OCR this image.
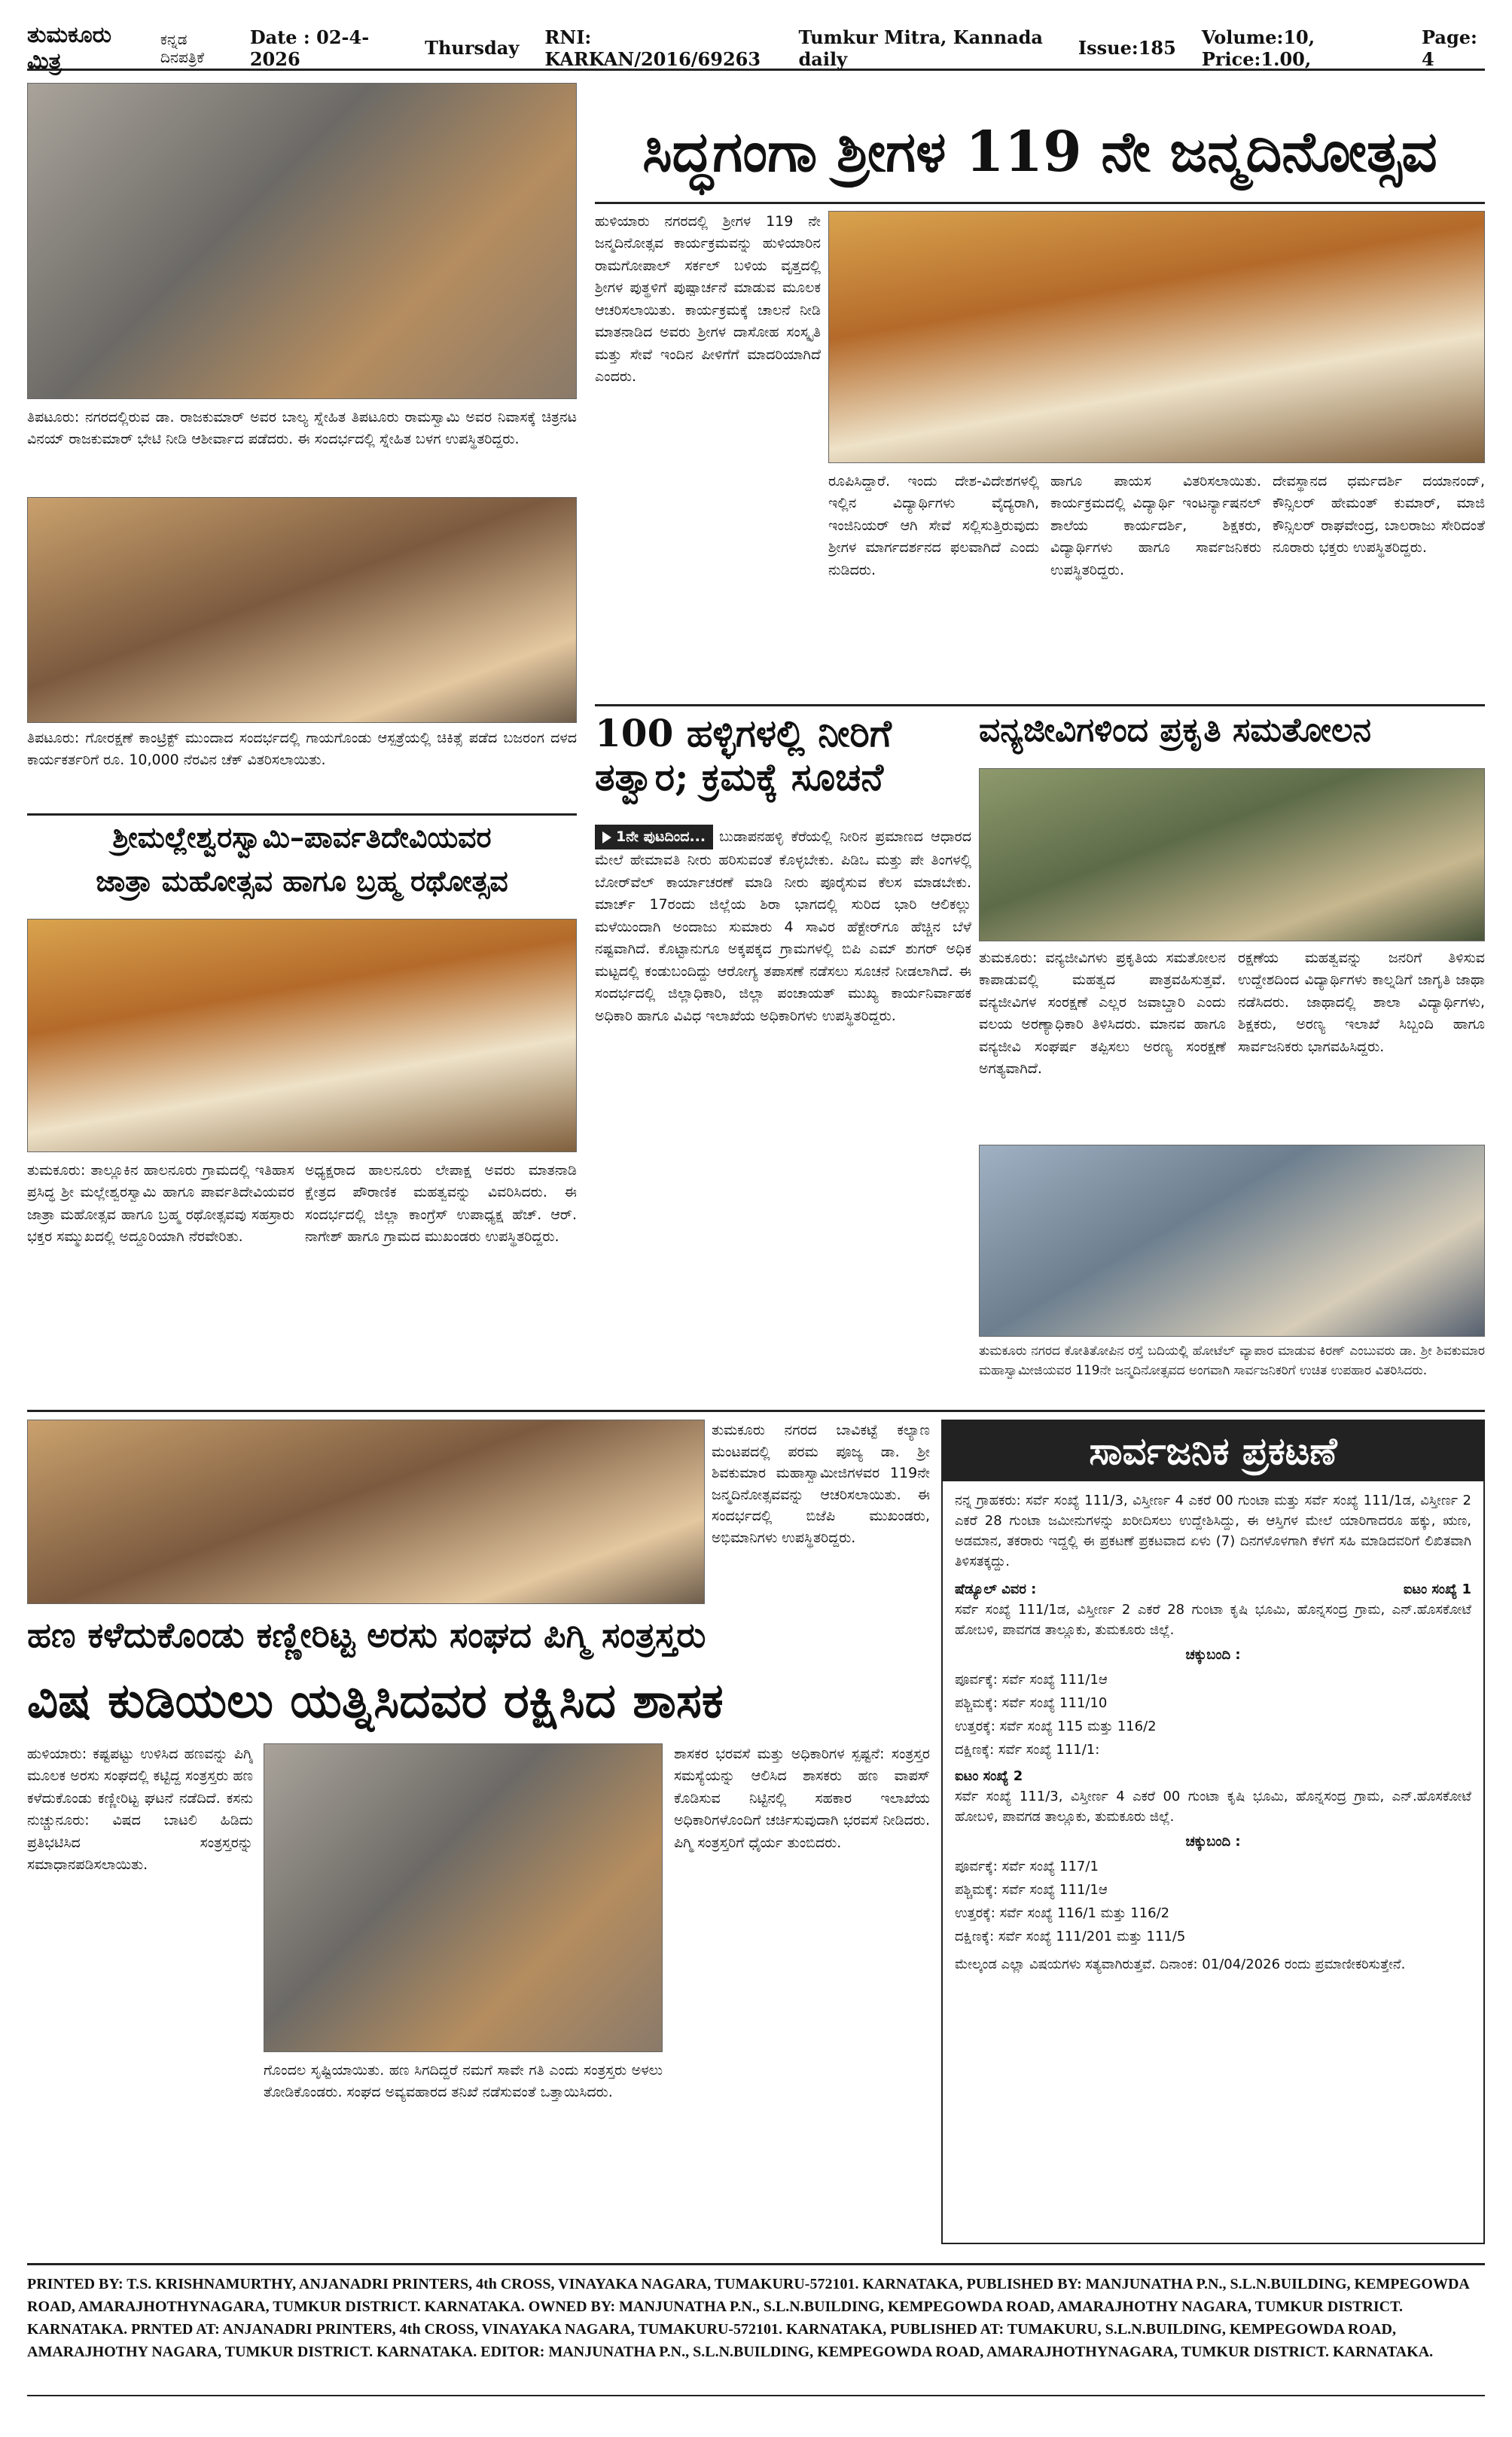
ತುಮಕೂರು ಮಿತ್ರ
ಕನ್ನಡ ದಿನಪತ್ರಿಕೆ
Date : 02-4- 2026	Thursday RNI: KARKAN/2016/69263
Tumkur Mitra, Kannada daily	Issue:185 Volume:10, Price:1.00,
Page: 4
ತಿಪಟೂರು: ನಗರದಲ್ಲಿರುವ ಡಾ. ರಾಜಕುಮಾರ್ ಅವರ ಬಾಲ್ಯ ಸ್ನೇಹಿತ ತಿಪಟೂರು ರಾಮಸ್ವಾಮಿ ಅವರ ನಿವಾಸಕ್ಕೆ ಚಿತ್ರನಟ ವಿನಯ್ ರಾಜಕುಮಾರ್ ಭೇಟಿ ನೀಡಿ ಆಶೀರ್ವಾದ ಪಡೆದರು. ಈ ಸಂದರ್ಭದಲ್ಲಿ ಸ್ನೇಹಿತ ಬಳಗ ಉಪಸ್ಥಿತರಿದ್ದರು.
ತಿಪಟೂರು: ಗೋರಕ್ಷಣೆ ಕಾಂಟ್ರಿಕ್ಟ್ ಮುಂದಾದ ಸಂದರ್ಭದಲ್ಲಿ ಗಾಯಗೊಂಡು ಆಸ್ಪತ್ರೆಯಲ್ಲಿ ಚಿಕಿತ್ಸೆ ಪಡೆದ ಬಜರಂಗ ದಳದ ಕಾರ್ಯಕರ್ತರಿಗೆ ರೂ. 10,000 ನೆರವಿನ ಚೆಕ್ ವಿತರಿಸಲಾಯಿತು.
ಸಿದ್ಧಗಂಗಾ ಶ್ರೀಗಳ 119 ನೇ ಜನ್ಮದಿನೋತ್ಸವ
ಹುಳಿಯಾರು ನಗರದಲ್ಲಿ ಶ್ರೀಗಳ 119 ನೇ ಜನ್ಮದಿನೋತ್ಸವ ಕಾರ್ಯಕ್ರಮವನ್ನು ಹುಳಿಯಾರಿನ ರಾಮಗೋಪಾಲ್ ಸರ್ಕಲ್ ಬಳಿಯ ವೃತ್ತದಲ್ಲಿ ಶ್ರೀಗಳ ಪುತ್ಥಳಿಗೆ ಪುಷ್ಪಾರ್ಚನೆ ಮಾಡುವ ಮೂಲಕ ಆಚರಿಸಲಾಯಿತು. ಕಾರ್ಯಕ್ರಮಕ್ಕೆ ಚಾಲನೆ ನೀಡಿ ಮಾತನಾಡಿದ ಅವರು ಶ್ರೀಗಳ ದಾಸೋಹ ಸಂಸ್ಕೃತಿ ಮತ್ತು ಸೇವೆ ಇಂದಿನ ಪೀಳಿಗೆಗೆ ಮಾದರಿಯಾಗಿದೆ ಎಂದರು.
ರೂಪಿಸಿದ್ದಾರೆ. ಇಂದು ದೇಶ-ವಿದೇಶಗಳಲ್ಲಿ ಇಲ್ಲಿನ ವಿದ್ಯಾರ್ಥಿಗಳು ವೈದ್ಯರಾಗಿ, ಇಂಜಿನಿಯರ್ ಆಗಿ ಸೇವೆ ಸಲ್ಲಿಸುತ್ತಿರುವುದು ಶ್ರೀಗಳ ಮಾರ್ಗದರ್ಶನದ ಫಲವಾಗಿದೆ ಎಂದು ನುಡಿದರು.
ಹಾಗೂ ಪಾಯಸ ವಿತರಿಸಲಾಯಿತು. ಕಾರ್ಯಕ್ರಮದಲ್ಲಿ ವಿದ್ಯಾರ್ಥಿ ಇಂಟರ್ನ್ಯಾಷನಲ್ ಶಾಲೆಯ ಕಾರ್ಯದರ್ಶಿ, ಶಿಕ್ಷಕರು, ವಿದ್ಯಾರ್ಥಿಗಳು ಹಾಗೂ ಸಾರ್ವಜನಿಕರು ಉಪಸ್ಥಿತರಿದ್ದರು.
ದೇವಸ್ಥಾನದ ಧರ್ಮದರ್ಶಿ ದಯಾನಂದ್, ಕೌನ್ಸಿಲರ್ ಹೇಮಂತ್ ಕುಮಾರ್, ಮಾಜಿ ಕೌನ್ಸಿಲರ್ ರಾಘವೇಂದ್ರ, ಬಾಲರಾಜು ಸೇರಿದಂತೆ ನೂರಾರು ಭಕ್ತರು ಉಪಸ್ಥಿತರಿದ್ದರು.
100 ಹಳ್ಳಿಗಳಲ್ಲಿ ನೀರಿಗೆ ತತ್ವಾರ; ಕ್ರಮಕ್ಕೆ ಸೂಚನೆ
1ನೇ ಪುಟದಿಂದ... ಬುಡಾಪನಹಳ್ಳಿ ಕೆರೆಯಲ್ಲಿ ನೀರಿನ ಪ್ರಮಾಣದ ಆಧಾರದ ಮೇಲೆ ಹೇಮಾವತಿ ನೀರು ಹರಿಸುವಂತೆ ಕೊಳ್ಳಬೇಕು. ಪಿಡಿಒ ಮತ್ತು ಪೇ ತಿಂಗಳಲ್ಲಿ ಬೋರ್‌ವೆಲ್ ಕಾರ್ಯಾಚರಣೆ ಮಾಡಿ ನೀರು ಪೂರೈಸುವ ಕೆಲಸ ಮಾಡಬೇಕು. ಮಾರ್ಚ್ 17ರಂದು ಜಿಲ್ಲೆಯ ಶಿರಾ ಭಾಗದಲ್ಲಿ ಸುರಿದ ಭಾರಿ ಆಲಿಕಲ್ಲು ಮಳೆಯಿಂದಾಗಿ ಅಂದಾಜು ಸುಮಾರು 4 ಸಾವಿರ ಹೆಕ್ಟೇರ್‌ಗೂ ಹೆಚ್ಚಿನ ಬೆಳೆ ನಷ್ಟವಾಗಿದೆ. ಕೊಟ್ಟಾನುಗೂ ಅಕ್ಕಪಕ್ಕದ ಗ್ರಾಮಗಳಲ್ಲಿ ಬಿಪಿ ಎಮ್ ಶುಗರ್ ಅಧಿಕ ಮಟ್ಟದಲ್ಲಿ ಕಂಡುಬಂದಿದ್ದು ಆರೋಗ್ಯ ತಪಾಸಣೆ ನಡೆಸಲು ಸೂಚನೆ ನೀಡಲಾಗಿದೆ. ಈ ಸಂದರ್ಭದಲ್ಲಿ ಜಿಲ್ಲಾಧಿಕಾರಿ, ಜಿಲ್ಲಾ ಪಂಚಾಯತ್ ಮುಖ್ಯ ಕಾರ್ಯನಿರ್ವಾಹಕ ಅಧಿಕಾರಿ ಹಾಗೂ ವಿವಿಧ ಇಲಾಖೆಯ ಅಧಿಕಾರಿಗಳು ಉಪಸ್ಥಿತರಿದ್ದರು.
ವನ್ಯಜೀವಿಗಳಿಂದ ಪ್ರಕೃತಿ ಸಮತೋಲನ
ತುಮಕೂರು: ವನ್ಯಜೀವಿಗಳು ಪ್ರಕೃತಿಯ ಸಮತೋಲನ ಕಾಪಾಡುವಲ್ಲಿ ಮಹತ್ವದ ಪಾತ್ರವಹಿಸುತ್ತವೆ. ವನ್ಯಜೀವಿಗಳ ಸಂರಕ್ಷಣೆ ಎಲ್ಲರ ಜವಾಬ್ದಾರಿ ಎಂದು ವಲಯ ಅರಣ್ಯಾಧಿಕಾರಿ ತಿಳಿಸಿದರು. ಮಾನವ ಹಾಗೂ ವನ್ಯಜೀವಿ ಸಂಘರ್ಷ ತಪ್ಪಿಸಲು ಅರಣ್ಯ ಸಂರಕ್ಷಣೆ ಅಗತ್ಯವಾಗಿದೆ.
ರಕ್ಷಣೆಯ ಮಹತ್ವವನ್ನು ಜನರಿಗೆ ತಿಳಿಸುವ ಉದ್ದೇಶದಿಂದ ವಿದ್ಯಾರ್ಥಿಗಳು ಕಾಲ್ನಡಿಗೆ ಜಾಗೃತಿ ಜಾಥಾ ನಡೆಸಿದರು. ಜಾಥಾದಲ್ಲಿ ಶಾಲಾ ವಿದ್ಯಾರ್ಥಿಗಳು, ಶಿಕ್ಷಕರು, ಅರಣ್ಯ ಇಲಾಖೆ ಸಿಬ್ಬಂದಿ ಹಾಗೂ ಸಾರ್ವಜನಿಕರು ಭಾಗವಹಿಸಿದ್ದರು.
ತುಮಕೂರು ನಗರದ ಕೋತಿತೋಪಿನ ರಸ್ತೆ ಬದಿಯಲ್ಲಿ ಹೋಟೆಲ್ ವ್ಯಾಪಾರ ಮಾಡುವ ಕಿರಣ್ ಎಂಬುವರು ಡಾ. ಶ್ರೀ ಶಿವಕುಮಾರ ಮಹಾಸ್ವಾಮೀಜಿಯವರ 119ನೇ ಜನ್ಮದಿನೋತ್ಸವದ ಅಂಗವಾಗಿ ಸಾರ್ವಜನಿಕರಿಗೆ ಉಚಿತ ಉಪಹಾರ ವಿತರಿಸಿದರು.
ಶ್ರೀಮಲ್ಲೇಶ್ವರಸ್ವಾಮಿ–ಪಾರ್ವತಿದೇವಿಯವರ
ಜಾತ್ರಾ ಮಹೋತ್ಸವ ಹಾಗೂ ಬ್ರಹ್ಮ ರಥೋತ್ಸವ
ತುಮಕೂರು: ತಾಲ್ಲೂಕಿನ ಹಾಲನೂರು ಗ್ರಾಮದಲ್ಲಿ ಇತಿಹಾಸ ಪ್ರಸಿದ್ಧ ಶ್ರೀ ಮಲ್ಲೇಶ್ವರಸ್ವಾಮಿ ಹಾಗೂ ಪಾರ್ವತಿದೇವಿಯವರ ಜಾತ್ರಾ ಮಹೋತ್ಸವ ಹಾಗೂ ಬ್ರಹ್ಮ ರಥೋತ್ಸವವು ಸಹಸ್ರಾರು ಭಕ್ತರ ಸಮ್ಮುಖದಲ್ಲಿ ಅದ್ದೂರಿಯಾಗಿ ನೆರವೇರಿತು.
ಅಧ್ಯಕ್ಷರಾದ ಹಾಲನೂರು ಲೇಪಾಕ್ಷ ಅವರು ಮಾತನಾಡಿ ಕ್ಷೇತ್ರದ ಪೌರಾಣಿಕ ಮಹತ್ವವನ್ನು ವಿವರಿಸಿದರು. ಈ ಸಂದರ್ಭದಲ್ಲಿ ಜಿಲ್ಲಾ ಕಾಂಗ್ರೆಸ್ ಉಪಾಧ್ಯಕ್ಷ ಹೆಚ್. ಆರ್. ನಾಗೇಶ್ ಹಾಗೂ ಗ್ರಾಮದ ಮುಖಂಡರು ಉಪಸ್ಥಿತರಿದ್ದರು.
ತುಮಕೂರು ನಗರದ ಬಾವಿಕಟ್ಟೆ ಕಲ್ಯಾಣ ಮಂಟಪದಲ್ಲಿ ಪರಮ ಪೂಜ್ಯ ಡಾ. ಶ್ರೀ ಶಿವಕುಮಾರ ಮಹಾಸ್ವಾಮೀಜಿಗಳವರ 119ನೇ ಜನ್ಮದಿನೋತ್ಸವವನ್ನು ಆಚರಿಸಲಾಯಿತು. ಈ ಸಂದರ್ಭದಲ್ಲಿ ಬಿಜೆಪಿ ಮುಖಂಡರು, ಅಭಿಮಾನಿಗಳು ಉಪಸ್ಥಿತರಿದ್ದರು.
ಹಣ ಕಳೆದುಕೊಂಡು ಕಣ್ಣೀರಿಟ್ಟ ಅರಸು ಸಂಘದ ಪಿಗ್ಮಿ ಸಂತ್ರಸ್ತರು
ವಿಷ ಕುಡಿಯಲು ಯತ್ನಿಸಿದವರ ರಕ್ಷಿಸಿದ ಶಾಸಕ
ಹುಳಿಯಾರು: ಕಷ್ಟಪಟ್ಟು ಉಳಿಸಿದ ಹಣವನ್ನು ಪಿಗ್ಮಿ ಮೂಲಕ ಅರಸು ಸಂಘದಲ್ಲಿ ಕಟ್ಟಿದ್ದ ಸಂತ್ರಸ್ತರು ಹಣ ಕಳೆದುಕೊಂಡು ಕಣ್ಣೀರಿಟ್ಟ ಘಟನೆ ನಡೆದಿದೆ. ಕಸನು ನುಚ್ಚುನೂರು: ವಿಷದ ಬಾಟಲಿ ಹಿಡಿದು ಪ್ರತಿಭಟಿಸಿದ ಸಂತ್ರಸ್ತರನ್ನು ಸಮಾಧಾನಪಡಿಸಲಾಯಿತು.
ಗೊಂದಲ ಸೃಷ್ಟಿಯಾಯಿತು. ಹಣ ಸಿಗದಿದ್ದರೆ ನಮಗೆ ಸಾವೇ ಗತಿ ಎಂದು ಸಂತ್ರಸ್ತರು ಅಳಲು ತೋಡಿಕೊಂಡರು. ಸಂಘದ ಅವ್ಯವಹಾರದ ತನಿಖೆ ನಡೆಸುವಂತೆ ಒತ್ತಾಯಿಸಿದರು.
ಶಾಸಕರ ಭರವಸೆ ಮತ್ತು ಅಧಿಕಾರಿಗಳ ಸ್ಪಷ್ಟನೆ: ಸಂತ್ರಸ್ತರ ಸಮಸ್ಯೆಯನ್ನು ಆಲಿಸಿದ ಶಾಸಕರು ಹಣ ವಾಪಸ್ ಕೊಡಿಸುವ ನಿಟ್ಟಿನಲ್ಲಿ ಸಹಕಾರ ಇಲಾಖೆಯ ಅಧಿಕಾರಿಗಳೊಂದಿಗೆ ಚರ್ಚಿಸುವುದಾಗಿ ಭರವಸೆ ನೀಡಿದರು. ಪಿಗ್ಮಿ ಸಂತ್ರಸ್ತರಿಗೆ ಧೈರ್ಯ ತುಂಬಿದರು.
ಸಾರ್ವಜನಿಕ ಪ್ರಕಟಣೆ
ನನ್ನ ಗ್ರಾಹಕರು: ಸರ್ವೆ ಸಂಖ್ಯೆ 111/3, ವಿಸ್ತೀರ್ಣ 4 ಎಕರೆ 00 ಗುಂಟಾ ಮತ್ತು ಸರ್ವೆ ಸಂಖ್ಯೆ 111/1ಡ, ವಿಸ್ತೀರ್ಣ 2 ಎಕರೆ 28 ಗುಂಟಾ ಜಮೀನುಗಳನ್ನು ಖರೀದಿಸಲು ಉದ್ದೇಶಿಸಿದ್ದು, ಈ ಆಸ್ತಿಗಳ ಮೇಲೆ ಯಾರಿಗಾದರೂ ಹಕ್ಕು, ಋಣ, ಅಡಮಾನ, ತಕರಾರು ಇದ್ದಲ್ಲಿ ಈ ಪ್ರಕಟಣೆ ಪ್ರಕಟವಾದ ಏಳು (7) ದಿನಗಳೊಳಗಾಗಿ ಕೆಳಗೆ ಸಹಿ ಮಾಡಿದವರಿಗೆ ಲಿಖಿತವಾಗಿ ತಿಳಿಸತಕ್ಕದ್ದು.
ಷೆಡ್ಯೂಲ್ ವಿವರ :	ಐಟಂ ಸಂಖ್ಯೆ 1
ಸರ್ವೆ ಸಂಖ್ಯೆ 111/1ಡ, ವಿಸ್ತೀರ್ಣ 2 ಎಕರೆ 28 ಗುಂಟಾ ಕೃಷಿ ಭೂಮಿ, ಹೊನ್ನಸಂದ್ರ ಗ್ರಾಮ, ಎನ್.ಹೊಸಕೋಟೆ ಹೋಬಳಿ, ಪಾವಗಡ ತಾಲ್ಲೂಕು, ತುಮಕೂರು ಜಿಲ್ಲೆ.
ಚಕ್ಕುಬಂದಿ :
ಪೂರ್ವಕ್ಕೆ: ಸರ್ವೆ ಸಂಖ್ಯೆ 111/1ಆ
ಪಶ್ಚಿಮಕ್ಕೆ: ಸರ್ವೆ ಸಂಖ್ಯೆ 111/10
ಉತ್ತರಕ್ಕೆ: ಸರ್ವೆ ಸಂಖ್ಯೆ 115 ಮತ್ತು 116/2
ದಕ್ಷಿಣಕ್ಕೆ: ಸರ್ವೆ ಸಂಖ್ಯೆ 111/1:
ಐಟಂ ಸಂಖ್ಯೆ 2
ಸರ್ವೆ ಸಂಖ್ಯೆ 111/3, ವಿಸ್ತೀರ್ಣ 4 ಎಕರೆ 00 ಗುಂಟಾ ಕೃಷಿ ಭೂಮಿ, ಹೊನ್ನಸಂದ್ರ ಗ್ರಾಮ, ಎನ್.ಹೊಸಕೋಟೆ ಹೋಬಳಿ, ಪಾವಗಡ ತಾಲ್ಲೂಕು, ತುಮಕೂರು ಜಿಲ್ಲೆ.
ಚಕ್ಕುಬಂದಿ :
ಪೂರ್ವಕ್ಕೆ: ಸರ್ವೆ ಸಂಖ್ಯೆ 117/1
ಪಶ್ಚಿಮಕ್ಕೆ: ಸರ್ವೆ ಸಂಖ್ಯೆ 111/1ಆ
ಉತ್ತರಕ್ಕೆ: ಸರ್ವೆ ಸಂಖ್ಯೆ 116/1 ಮತ್ತು 116/2
ದಕ್ಷಿಣಕ್ಕೆ: ಸರ್ವೆ ಸಂಖ್ಯೆ 111/201 ಮತ್ತು 111/5
ಮೇಲ್ಕಂಡ ಎಲ್ಲಾ ವಿಷಯಗಳು ಸತ್ಯವಾಗಿರುತ್ತವೆ. ದಿನಾಂಕ: 01/04/2026 ರಂದು ಪ್ರಮಾಣೀಕರಿಸುತ್ತೇನೆ.
PRINTED BY: T.S. KRISHNAMURTHY, ANJANADRI PRINTERS, 4th CROSS, VINAYAKA NAGARA, TUMAKURU-572101. KARNATAKA, PUBLISHED BY: MANJUNATHA P.N., S.L.N.BUILDING, KEMPEGOWDA ROAD, AMARAJHOTHYNAGARA, TUMKUR DISTRICT. KARNATAKA. OWNED BY: MANJUNATHA P.N., S.L.N.BUILDING, KEMPEGOWDA ROAD, AMARAJHOTHY NAGARA, TUMKUR DISTRICT. KARNATAKA. PRNTED AT: ANJANADRI PRINTERS, 4th CROSS, VINAYAKA NAGARA, TUMAKURU-572101. KARNATAKA, PUBLISHED AT: TUMAKURU, S.L.N.BUILDING, KEMPEGOWDA ROAD, AMARAJHOTHY NAGARA, TUMKUR DISTRICT. KARNATAKA. EDITOR: MANJUNATHA P.N., S.L.N.BUILDING, KEMPEGOWDA ROAD, AMARAJHOTHYNAGARA, TUMKUR DISTRICT. KARNATAKA.
